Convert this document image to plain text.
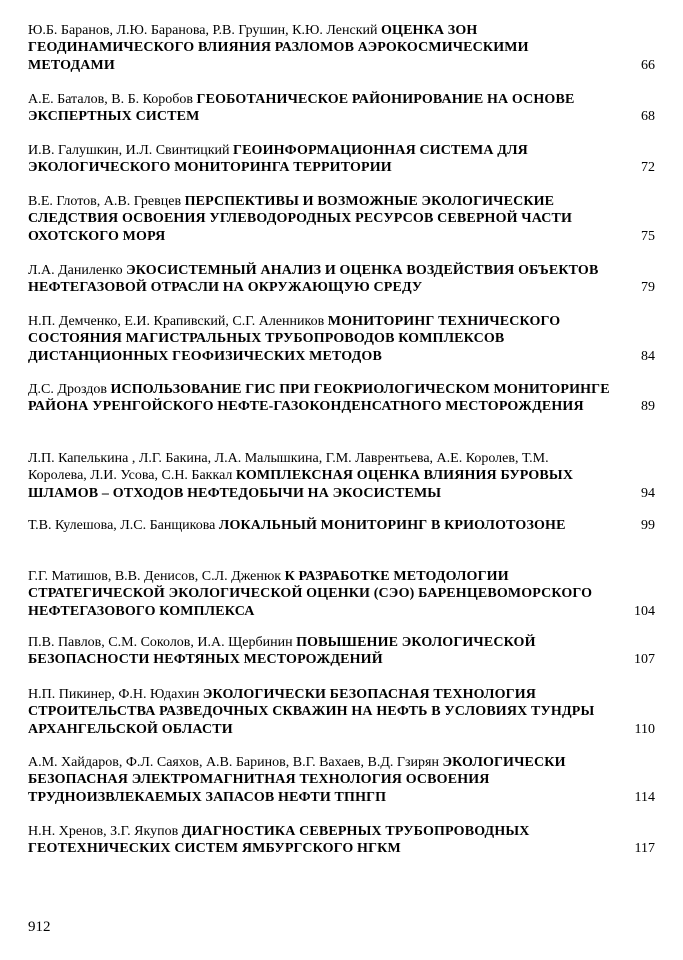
Ю.Б. Баранов, Л.Ю. Баранова, Р.В. Грушин, К.Ю. Ленский ОЦЕНКА ЗОН ГЕОДИНАМИЧЕСКОГО ВЛИЯНИЯ РАЗЛОМОВ АЭРОКОСМИЧЕСКИМИ МЕТОДАМИ	66
А.Е. Баталов, В. Б. Коробов ГЕОБОТАНИЧЕСКОЕ РАЙОНИРОВАНИЕ НА ОСНОВЕ ЭКСПЕРТНЫХ СИСТЕМ	68
И.В. Галушкин, И.Л. Свинтицкий ГЕОИНФОРМАЦИОННАЯ СИСТЕМА ДЛЯ ЭКОЛОГИЧЕСКОГО МОНИТОРИНГА ТЕРРИТОРИИ	72
В.Е. Глотов, А.В. Гревцев ПЕРСПЕКТИВЫ И ВОЗМОЖНЫЕ ЭКОЛОГИЧЕСКИЕ СЛЕДСТВИЯ ОСВОЕНИЯ УГЛЕВОДОРОДНЫХ РЕСУРСОВ СЕВЕРНОЙ ЧАСТИ ОХОТСКОГО МОРЯ	75
Л.А. Даниленко ЭКОСИСТЕМНЫЙ АНАЛИЗ И ОЦЕНКА ВОЗДЕЙСТВИЯ ОБЪЕКТОВ НЕФТЕГАЗОВОЙ ОТРАСЛИ НА ОКРУЖАЮЩУЮ СРЕДУ	79
Н.П. Демченко, Е.И. Крапивский, С.Г. Аленников МОНИТОРИНГ ТЕХНИЧЕСКОГО СОСТОЯНИЯ МАГИСТРАЛЬНЫХ ТРУБОПРОВОДОВ КОМПЛЕКСОВ ДИСТАНЦИОННЫХ ГЕОФИЗИЧЕСКИХ МЕТОДОВ	84
Д.С. Дроздов ИСПОЛЬЗОВАНИЕ ГИС ПРИ ГЕОКРИОЛОГИЧЕСКОМ МОНИТОРИНГЕ РАЙОНА УРЕНГОЙСКОГО НЕФТЕ-ГАЗОКОНДЕНСАТНОГО МЕСТОРОЖДЕНИЯ	89
Л.П. Капелькина , Л.Г. Бакина, Л.А. Малышкина, Г.М. Лаврентьева, А.Е. Королев, Т.М. Королева, Л.И. Усова, С.Н. Баккал КОМПЛЕКСНАЯ ОЦЕНКА ВЛИЯНИЯ БУРОВЫХ ШЛАМОВ – ОТХОДОВ НЕФТЕДОБЫЧИ НА ЭКОСИСТЕМЫ	94
Т.В. Кулешова, Л.С. Банщикова ЛОКАЛЬНЫЙ МОНИТОРИНГ В КРИОЛОТОЗОНЕ	99
Г.Г. Матишов, В.В. Денисов, С.Л. Дженюк К РАЗРАБОТКЕ МЕТОДОЛОГИИ СТРАТЕГИЧЕСКОЙ ЭКОЛОГИЧЕСКОЙ ОЦЕНКИ (СЭО) БАРЕНЦЕВОМОРСКОГО НЕФТЕГАЗОВОГО КОМПЛЕКСА	104
П.В. Павлов, С.М. Соколов, И.А. Щербинин ПОВЫШЕНИЕ ЭКОЛОГИЧЕСКОЙ БЕЗОПАСНОСТИ НЕФТЯНЫХ МЕСТОРОЖДЕНИЙ	107
Н.П. Пикинер, Ф.Н. Юдахин ЭКОЛОГИЧЕСКИ БЕЗОПАСНАЯ ТЕХНОЛОГИЯ СТРОИТЕЛЬСТВА РАЗВЕДОЧНЫХ СКВАЖИН НА НЕФТЬ В УСЛОВИЯХ ТУНДРЫ АРХАНГЕЛЬСКОЙ ОБЛАСТИ	110
А.М. Хайдаров, Ф.Л. Саяхов, А.В. Баринов, В.Г. Вахаев, В.Д. Гзирян ЭКОЛОГИЧЕСКИ БЕЗОПАСНАЯ ЭЛЕКТРОМАГНИТНАЯ ТЕХНОЛОГИЯ ОСВОЕНИЯ ТРУДНОИЗВЛЕКАЕМЫХ ЗАПАСОВ НЕФТИ ТПНГП	114
Н.Н. Хренов, З.Г. Якупов ДИАГНОСТИКА СЕВЕРНЫХ ТРУБОПРОВОДНЫХ ГЕОТЕХНИЧЕСКИХ СИСТЕМ ЯМБУРГСКОГО НГКМ	117
912
